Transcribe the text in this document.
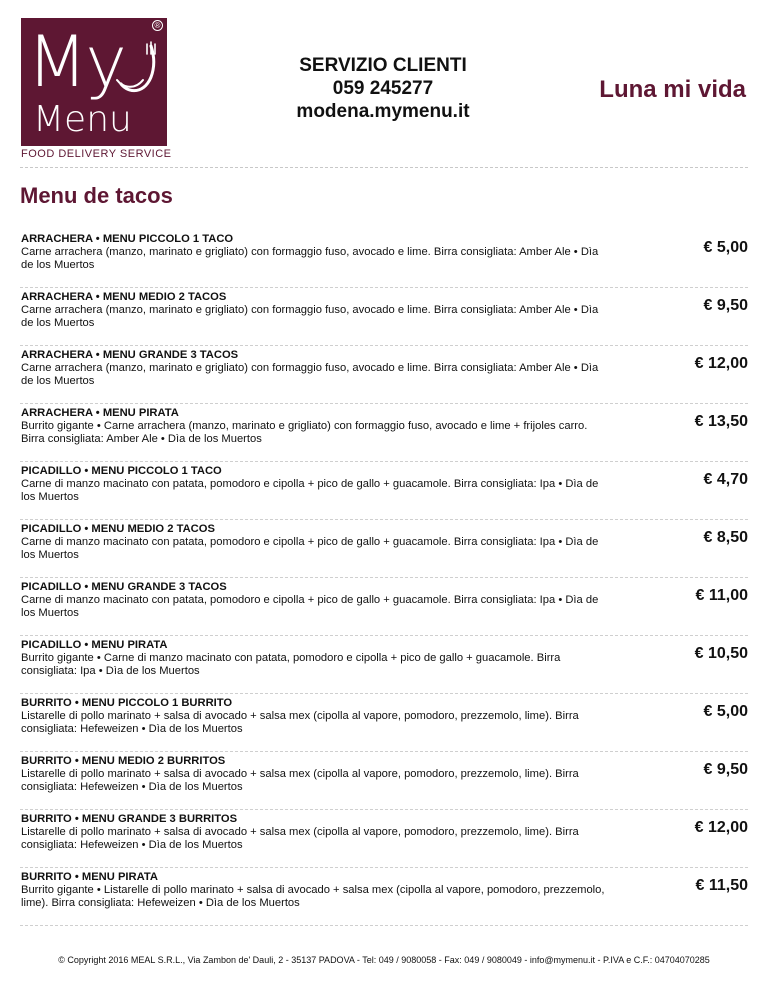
My
Menu
®
FOOD DELIVERY SERVICE
SERVIZIO CLIENTI
059 245277
modena.mymenu.it
Luna mi vida
Menu de tacos
ARRACHERA • MENU PICCOLO 1 TACO
Carne arrachera (manzo, marinato e grigliato) con formaggio fuso, avocado e lime. Birra consigliata: Amber Ale • Dìa de los Muertos
€ 5,00
ARRACHERA • MENU MEDIO 2 TACOS
Carne arrachera (manzo, marinato e grigliato) con formaggio fuso, avocado e lime. Birra consigliata: Amber Ale • Dìa de los Muertos
€ 9,50
ARRACHERA • MENU GRANDE 3 TACOS
Carne arrachera (manzo, marinato e grigliato) con formaggio fuso, avocado e lime. Birra consigliata: Amber Ale • Dìa de los Muertos
€ 12,00
ARRACHERA • MENU PIRATA
Burrito gigante • Carne arrachera (manzo, marinato e grigliato) con formaggio fuso, avocado e lime + frijoles carro. Birra consigliata: Amber Ale • Dìa de los Muertos
€ 13,50
PICADILLO • MENU PICCOLO 1 TACO
Carne di manzo macinato con patata, pomodoro e cipolla + pico de gallo + guacamole. Birra consigliata: Ipa • Dìa de los Muertos
€ 4,70
PICADILLO • MENU MEDIO 2 TACOS
Carne di manzo macinato con patata, pomodoro e cipolla + pico de gallo + guacamole. Birra consigliata: Ipa • Dìa de los Muertos
€ 8,50
PICADILLO • MENU GRANDE 3 TACOS
Carne di manzo macinato con patata, pomodoro e cipolla + pico de gallo + guacamole. Birra consigliata: Ipa • Dìa de los Muertos
€ 11,00
PICADILLO • MENU PIRATA
Burrito gigante • Carne di manzo macinato con patata, pomodoro e cipolla + pico de gallo + guacamole. Birra consigliata: Ipa • Dìa de los Muertos
€ 10,50
BURRITO • MENU PICCOLO 1 BURRITO
Listarelle di pollo marinato + salsa di avocado + salsa mex (cipolla al vapore, pomodoro, prezzemolo, lime). Birra consigliata: Hefeweizen • Dìa de los Muertos
€ 5,00
BURRITO • MENU MEDIO 2 BURRITOS
Listarelle di pollo marinato + salsa di avocado + salsa mex (cipolla al vapore, pomodoro, prezzemolo, lime). Birra consigliata: Hefeweizen • Dìa de los Muertos
€ 9,50
BURRITO • MENU GRANDE 3 BURRITOS
Listarelle di pollo marinato + salsa di avocado + salsa mex (cipolla al vapore, pomodoro, prezzemolo, lime). Birra consigliata: Hefeweizen • Dìa de los Muertos
€ 12,00
BURRITO • MENU PIRATA
Burrito gigante • Listarelle di pollo marinato + salsa di avocado + salsa mex (cipolla al vapore, pomodoro, prezzemolo, lime). Birra consigliata: Hefeweizen • Dìa de los Muertos
€ 11,50
© Copyright 2016 MEAL S.R.L., Via Zambon de' Dauli, 2 - 35137 PADOVA - Tel: 049 / 9080058 - Fax: 049 / 9080049 - info@mymenu.it - P.IVA e C.F.: 04704070285
